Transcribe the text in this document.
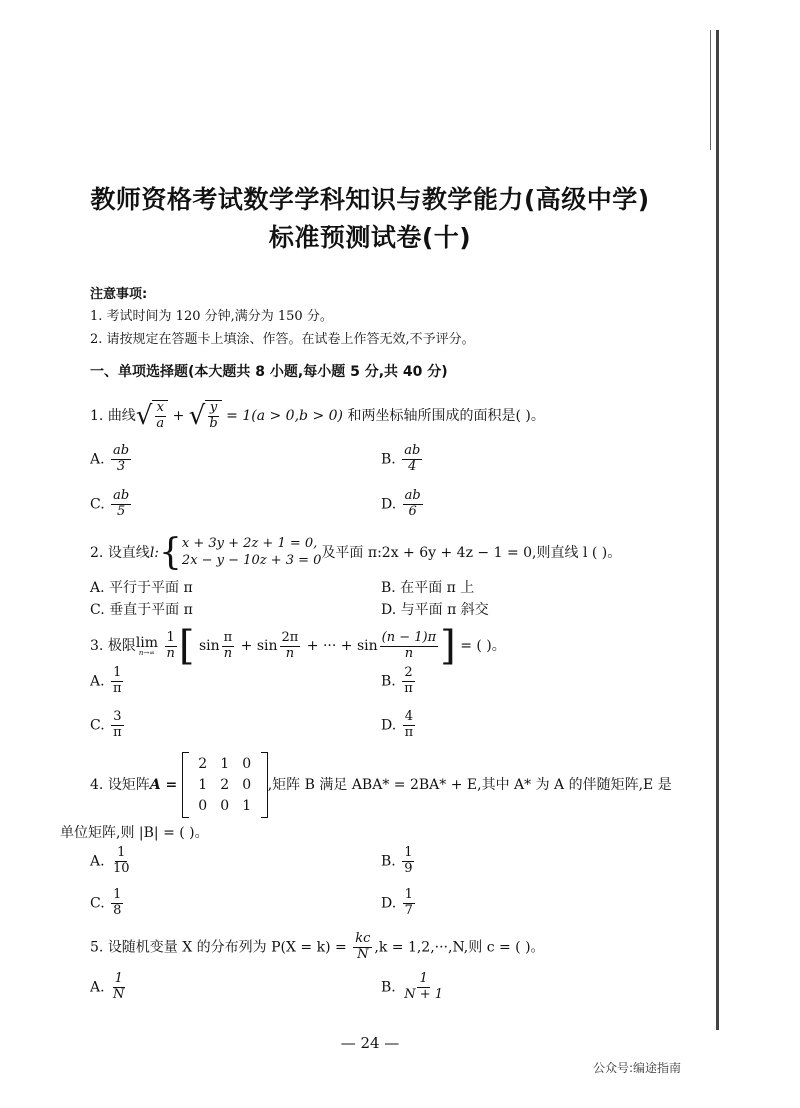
教师资格考试数学学科知识与教学能力(高级中学)
标准预测试卷(十)
注意事项:
1. 考试时间为 120 分钟,满分为 150 分。
2. 请按规定在答题卡上填涂、作答。在试卷上作答无效,不予评分。
一、单项选择题(本大题共 8 小题,每小题 5 分,共 40 分)
1. 曲线 √ $\frac{x}{a}$ + √ $\frac{y}{b} = 1(a > 0,b > 0)$ 和两坐标轴所围成的面积是( )。
A. $\frac{ab}{3}$	B. $\frac{ab}{4}$
C. $\frac{ab}{5}$	D. $\frac{ab}{6}$
2. 设直线l:{ x + 3y + 2z + 1 = 0,
2x − y − 10z + 3 = 0 及平面 π:2x + 6y + 4z − 1 = 0,则直线 l ( )。
A. 平行于平面 π	B. 在平面 π 上
C. 垂直于平面 π	D. 与平面 π 斜交
3. 极限 lim
n→∞
$\frac{1}{n}$ [ $\sin \frac{\pi}{n} + \sin \frac{2\pi}{n}$ + ··· + $\sin \frac{(n - 1)\pi}{n}$ ] = ( )。
A. $\frac{1}{\pi}$	B. $\frac{2}{\pi}$
C. $\frac{3}{\pi}$	D. $\frac{4}{\pi}$
4. 设矩阵A =
2 1 0
1 2 0
0 0 1
,矩阵 B 满足 ABA* = 2BA* + E,其中 A* 为 A 的伴随矩阵,E 是
单位矩阵,则 |B| = ( )。
A. $\frac{1}{10}$	B. $\frac{1}{9}$
C. $\frac{1}{8}$	D. $\frac{1}{7}$
5. 设随机变量 X 的分布列为 $P(X = k) = \frac{kc}{N} ,k = 1,2,\cdot\cdot\cdot,N$,则 c = ( )。
A. $\frac{1}{N}$	B. $\frac{1}{N + 1}$
— 24 —
公众号:编途指南
